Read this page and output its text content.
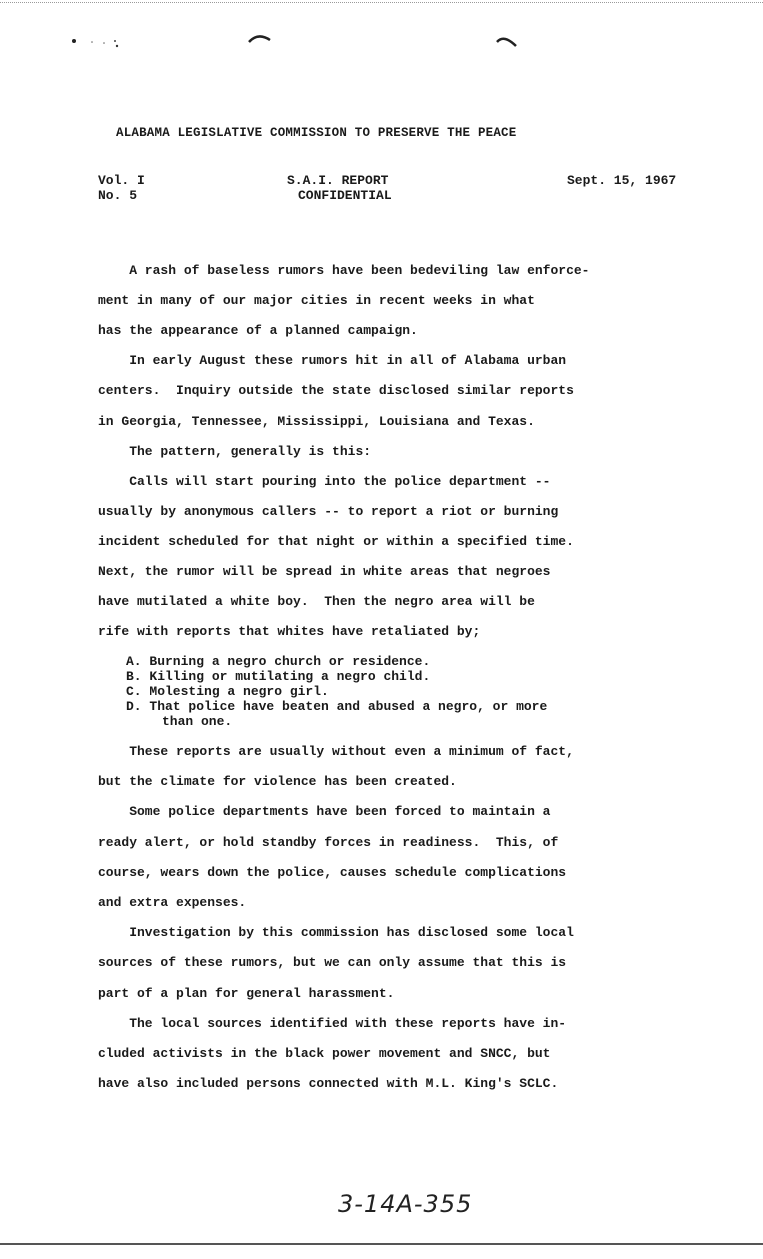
ALABAMA LEGISLATIVE COMMISSION TO PRESERVE THE PEACE
Vol. I
No. 5
S.A.I. REPORT
CONFIDENTIAL
Sept. 15, 1967
A rash of baseless rumors have been bedeviling law enforce-
ment in many of our major cities in recent weeks in what
has the appearance of a planned campaign.
In early August these rumors hit in all of Alabama urban
centers.  Inquiry outside the state disclosed similar reports
in Georgia, Tennessee, Mississippi, Louisiana and Texas.
The pattern, generally is this:
Calls will start pouring into the police department --
usually by anonymous callers -- to report a riot or burning
incident scheduled for that night or within a specified time.
Next, the rumor will be spread in white areas that negroes
have mutilated a white boy.  Then the negro area will be
rife with reports that whites have retaliated by;
A. Burning a negro church or residence.
B. Killing or mutilating a negro child.
C. Molesting a negro girl.
D. That police have beaten and abused a negro, or more
than one.
These reports are usually without even a minimum of fact,
but the climate for violence has been created.
Some police departments have been forced to maintain a
ready alert, or hold standby forces in readiness.  This, of
course, wears down the police, causes schedule complications
and extra expenses.
Investigation by this commission has disclosed some local
sources of these rumors, but we can only assume that this is
part of a plan for general harassment.
The local sources identified with these reports have in-
cluded activists in the black power movement and SNCC, but
have also included persons connected with M.L. King's SCLC.
3-14A-355
